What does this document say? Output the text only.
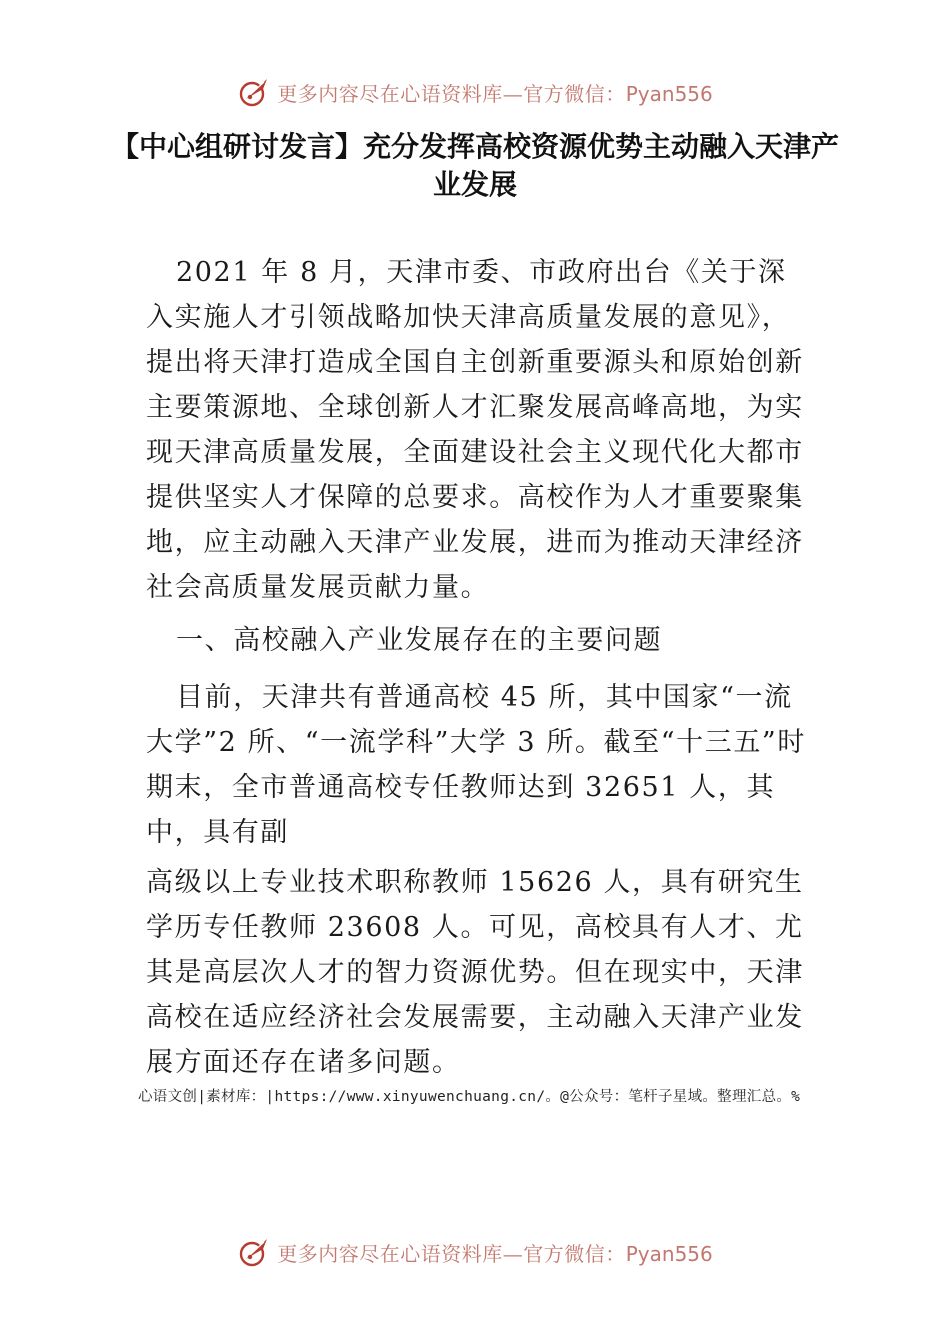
更多内容尽在心语资料库—官方微信：Pyan556
【中心组研讨发言】充分发挥高校资源优势主动融入天津产业发展

2021 年 8 月，天津市委、市政府出台《关于深入实施人才引领战略加快天津高质量发展的意见》，提出将天津打造成全国自主创新重要源头和原始创新主要策源地、全球创新人才汇聚发展高峰高地，为实现天津高质量发展，全面建设社会主义现代化大都市提供坚实人才保障的总要求。高校作为人才重要聚集地，应主动融入天津产业发展，进而为推动天津经济社会高质量发展贡献力量。

一、高校融入产业发展存在的主要问题

目前，天津共有普通高校 45 所，其中国家“一流大学”2 所、“一流学科”大学 3 所。截至“十三五”时期末，全市普通高校专任教师达到 32651 人，其中，具有副

高级以上专业技术职称教师 15626 人，具有研究生学历专任教师 23608 人。可见，高校具有人才、尤其是高层次人才的智力资源优势。但在现实中，天津高校在适应经济社会发展需要，主动融入天津产业发展方面还存在诸多问题。

心语文创|素材库：|https://www.xinyuwenchuang.cn/。@公众号：笔杆子星域。整理汇总。%
更多内容尽在心语资料库—官方微信：Pyan556
